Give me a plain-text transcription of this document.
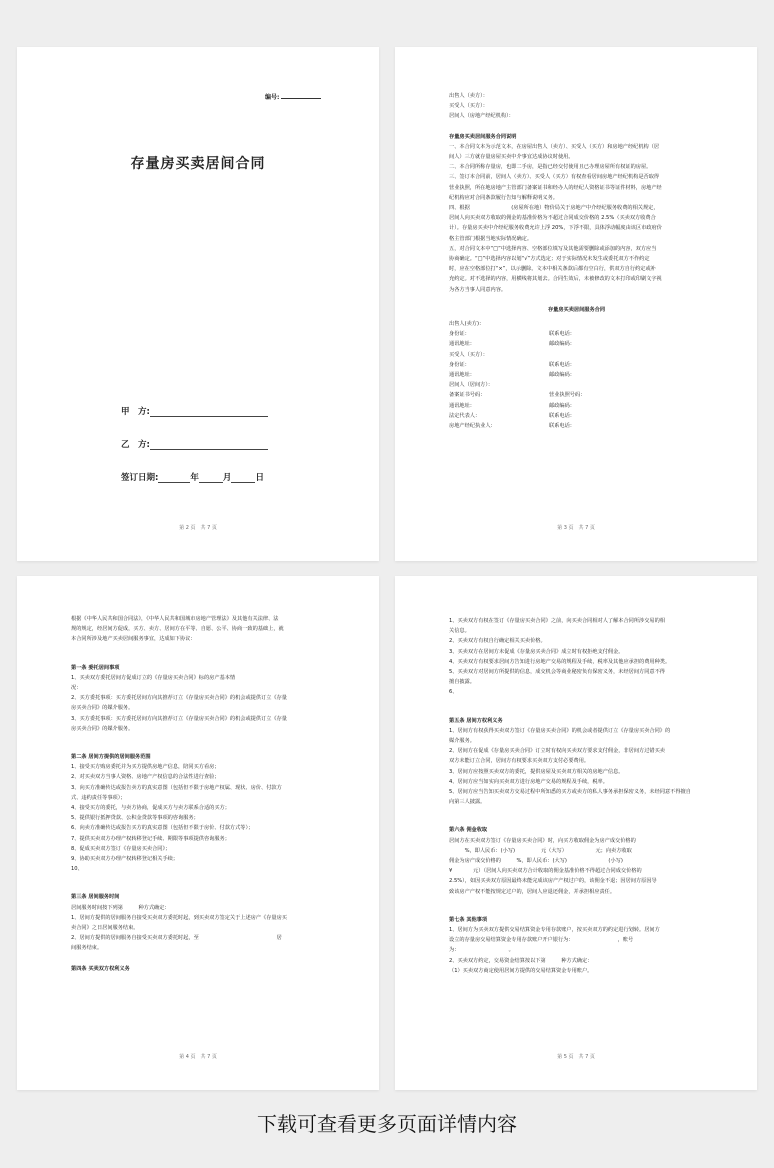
编号:
存量房买卖居间合同
甲　方:
乙　方:
签订日期:	年	月	日
第 2 页　共 7 页
出售人（卖方）：
买受人（买方）：
居间人（房地产经纪机构）：
存量房买卖居间服务合同说明
一、本合同文本为示范文本，在房屋出售人（卖方）、买受人（买方）和房地产经纪机构（居
间人）三方就存量房屋买卖中介事宜达成协议时使用。
二、本合同所称存量房，也即二手房，是指已经交付使用且已办理房屋所有权证的房屋。
三、签订本合同前，居间人（卖方）、买受人（买方）有权查看居间房地产经纪机构是否取得
营业执照，所在地房地产主管部门备案证书和经办人的经纪人资格证书等证件材料，房地产经
纪机构应对合同条款履行告知与解释说明义务。
四、根据　　　　　　　　(房屋所在地）物价局关于房地产中介经纪服务收费的相关规定，
居间人向买卖双方收取的佣金的基准价格为不超过合同成交价格的 2.5%（买卖双方收费合
计）。存量房买卖中介经纪服务收费允许上浮 20%，下浮不限，具体浮动幅度由该区市政府价
格主管部门根据当地实际情况确定。
五，对合同文本中“□”中选择内容、空格部位填写及其他需要删除或添加的内容，双方应当
协商确定。“□”中选择内容以划“√”方式选定；对于实际情况未发生或委托双方不作约定
时，应在空格部位打“×”，以示删除。文本中相关条款后都有空白行，供双方自行约定或补
充约定。对不选择的内容，用横线将其划去。合同生效后，未被修改的文本打印或印刷文字视
为各方当事人同意内容。
存量房买卖居间服务合同
出售人(卖方)：
身份证：	联系电话：
通讯地址：	邮政编码：
买受人（买方）：
身份证：	联系电话：
通讯地址：	邮政编码：
居间人（居间方）：
备案证书号码：	营业执照号码：
通讯地址：	邮政编码：
法定代表人：	联系电话：
房地产经纪执业人：	联系电话：
第 3 页　共 7 页
根据《中华人民共和国合同法》，《中华人民共和国城市房地产管理法》及其他有关法律、法
规的规定，经居间方促成，买方、卖方、居间方在平等、自愿、公平、协商一致的基础上，就
本合同所涉及地产买卖居间服务事宜，达成如下协议：
第一条 委托居间事项
1、买卖双方委托居间方促成订立的《存量房买卖合同》标的房产基本情
况：
2、买方委托事项：买方委托居间方向其推荐订立《存量房买卖合同》的机会或提供订立《存量
房买卖合同》的媒介服务。
3、买方委托事项：买方委托居间方向其推荐订立《存量房买卖合同》的机会或提供订立《存量
房买卖合同》的媒介服务。
第二条 居间方提供的居间服务范围
1、接受买方购房委托并为买方提供房地产信息，陪同买方看房；
2、对买卖双方当事人资格、房地产产权信息的合法性进行查验；
3、向买方准确传达或报告卖方的真实意图（包括但不限于房地产权属、现状、房价、付款方
式、违约责任等事项）；
4、接受买方的委托，与卖方协商，促成买方与卖方联系合适的买方；
5、提供银行抵押贷款、公积金贷款等事项的咨询服务；
6、向卖方准确传达或报告买方的真实意图（包括但不限于房价、付款方式等）；
7、提供买卖双方办理产权转移登记手续、期限等事项提供咨询服务；
8、促成买卖双方签订《存量房买卖合同》；
9、协助买卖双方办理产权转移登记相关手续；
10、
第三条 居间服务时间
居间服务时间按下列第　　　种方式确定：
1、居间方提供的居间服务自接受买卖双方委托时起，到买卖双方签定关于上述房产《存量房买
卖合同》之日居间服务结束。
2、居间方提供的居间服务自接受买卖双方委托时起，至　　　　　　　　　　　　　　　居
间服务结束。
第四条 买卖双方权利义务
第 4 页　共 7 页
1、买卖双方有权在签订《存量房买卖合同》之前，向买卖合同相对人了解本合同所涉交易的相
关信息。
2、买卖双方有权自行确定相关买卖价格。
3、买卖双方在居间方未促成《存量房买卖合同》成立时有权拒绝支付佣金。
4、买卖双方有权要求居间方告知进行房地产交易的规程及手续，税率及其他应承担的费用种类。
5、买卖双方对居间方所提供的信息，成交机会等商业秘密负有保密义务，未经居间方同意不得
擅自披露。
6、
第五条 居间方权利义务
1、居间方有权获得买卖双方签订《存量房买卖合同》的机会或者提供订立《存量房买卖合同》的
媒介服务。
2、居间方在促成《存量房买卖合同》订立时有权向买卖双方要求支付佣金，非居间方过错买卖
双方未能订立合同，居间方有权要求买卖双方支付必要费用。
3、居间方应按照买卖双方的委托，提供房屋及买卖双方相关的房地产信息。
4、居间方应当如实向买卖双方进行房地产交易的规程及手续，税率。
5、居间方应当告知买卖双方交易过程中所知悉的买方或卖方的私人事务承担保密义务，未经同意不得擅自
向第三人披露。
第六条 佣金收取
居间方在买卖双方签订《存量房买卖合同》时，向买方收取佣金为房产成交价格的
　　　%，即人民币：(小写)　　　　　元（大写）　　　　　　元；向卖方收取
佣金为房产成交价格的　　　%，即人民币：(大写)　　　　　　　　(小写)
¥　　　　元）（居间人向买卖双方合计收取的佣金基准价格不得超过合同成交价格的
2.5%），如因买卖双方原因最终未能完成该房产产权过户的，该佣金不退；因居间方原因导
致该房产产权不能按规定过户的，居间人应退还佣金，并承担相应责任。
第七条 其他事项
1、居间方为买卖双方提供交易结算资金专用存款账户，按买卖双方的约定进行划转。居间方
设立的存量房交易结算资金专用存款账户开户银行为：　　　　　　　　　，账号
为：　　　　　　　　　　。
2、买卖双方约定，交易资金结算按以下第　　　种方式确定：
（1）买卖双方商定使用居间方提供的交易结算资金专用账户。
第 5 页　共 7 页
下载可查看更多页面详情内容
